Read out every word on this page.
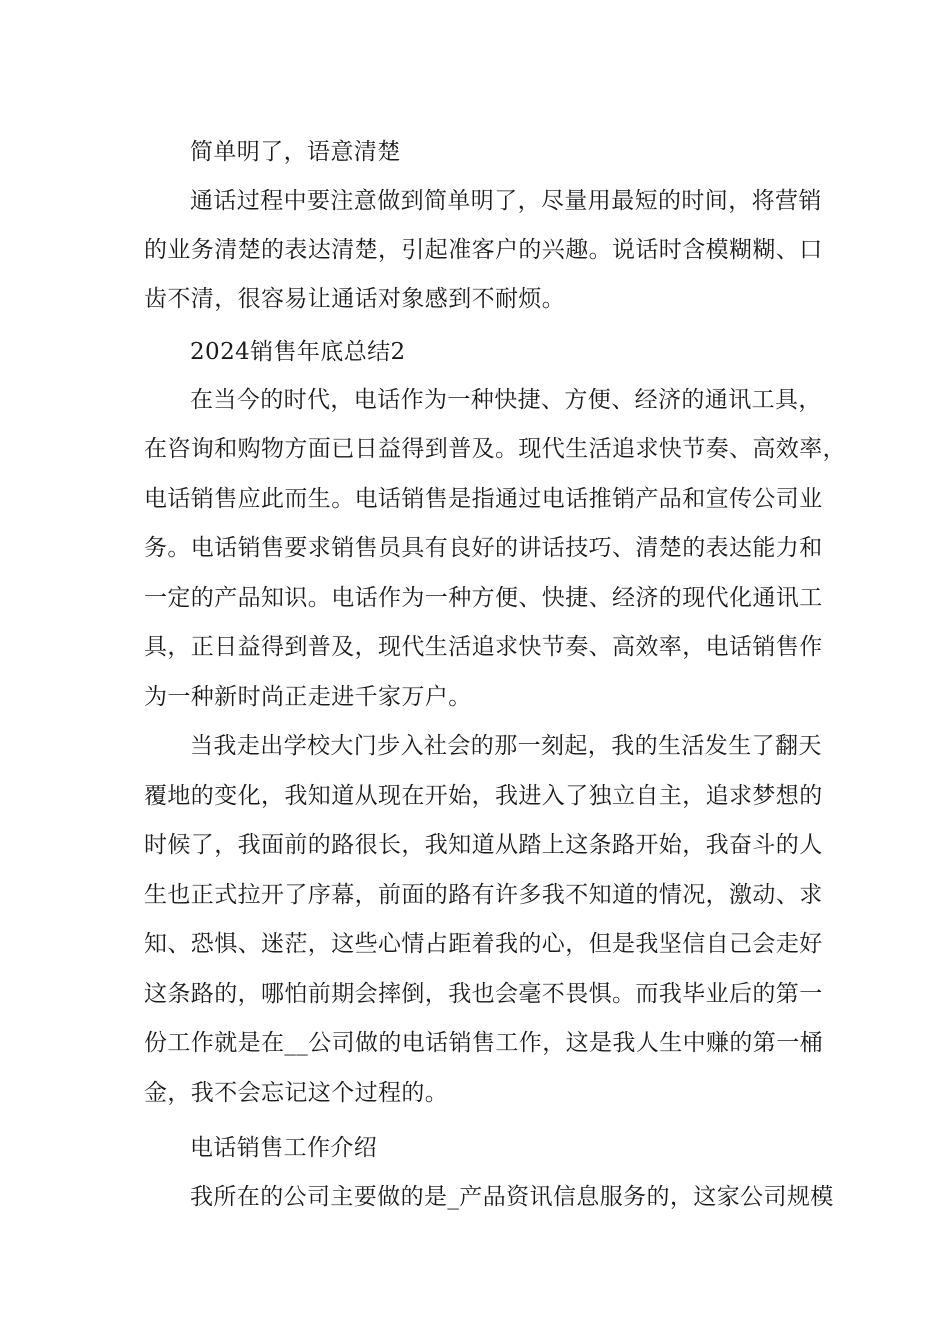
简单明了，语意清楚
通话过程中要注意做到简单明了，尽量用最短的时间，将营销
的业务清楚的表达清楚，引起准客户的兴趣。说话时含模糊糊、口
齿不清，很容易让通话对象感到不耐烦。
2024销售年底总结2
在当今的时代，电话作为一种快捷、方便、经济的通讯工具，
在咨询和购物方面已日益得到普及。现代生活追求快节奏、高效率，
电话销售应此而生。电话销售是指通过电话推销产品和宣传公司业
务。电话销售要求销售员具有良好的讲话技巧、清楚的表达能力和
一定的产品知识。电话作为一种方便、快捷、经济的现代化通讯工
具，正日益得到普及，现代生活追求快节奏、高效率，电话销售作
为一种新时尚正走进千家万户。
当我走出学校大门步入社会的那一刻起，我的生活发生了翻天
覆地的变化，我知道从现在开始，我进入了独立自主，追求梦想的
时候了，我面前的路很长，我知道从踏上这条路开始，我奋斗的人
生也正式拉开了序幕，前面的路有许多我不知道的情况，激动、求
知、恐惧、迷茫，这些心情占距着我的心，但是我坚信自己会走好
这条路的，哪怕前期会摔倒，我也会毫不畏惧。而我毕业后的第一
份工作就是在__公司做的电话销售工作，这是我人生中赚的第一桶
金，我不会忘记这个过程的。
电话销售工作介绍
我所在的公司主要做的是_产品资讯信息服务的，这家公司规模
